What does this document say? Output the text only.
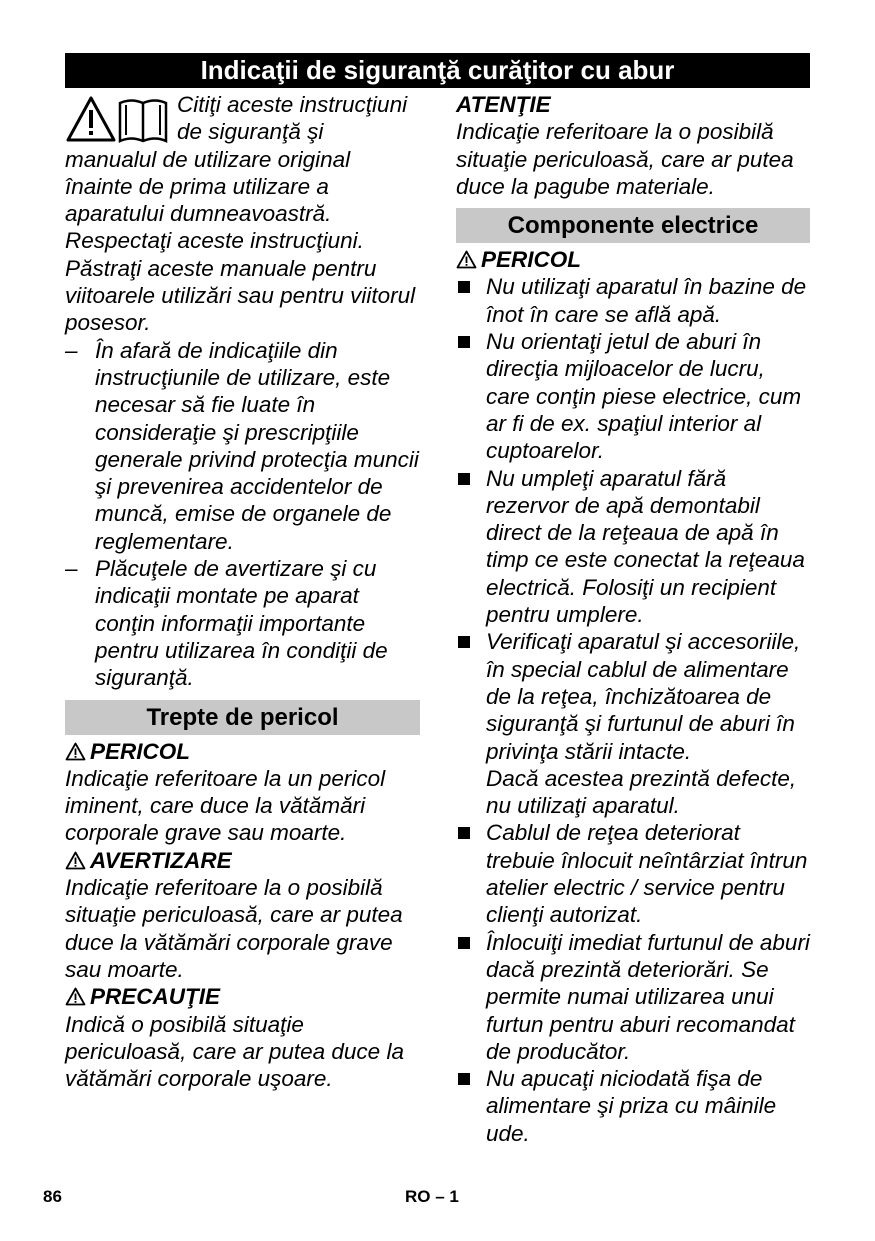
Indicaţii de siguranţă curăţitor cu abur

Citiţi aceste instrucţiuni de siguranţă şi manualul de utilizare original înainte de prima utilizare a aparatului dumneavoastră. Respectaţi aceste instrucţiuni. Păstraţi aceste manuale pentru viitoarele utilizări sau pentru viitorul posesor.

– În afară de indicaţiile din instrucţiunile de utilizare, este necesar să fie luate în consideraţie şi prescripţiile generale privind protecţia muncii şi prevenirea accidentelor de muncă, emise de organele de reglementare.

– Plăcuţele de avertizare şi cu indicaţii montate pe aparat conţin informaţii importante pentru utilizarea în condiţii de siguranţă.

Trepte de pericol
PERICOL

Indicaţie referitoare la un pericol iminent, care duce la vătămări corporale grave sau moarte.

AVERTIZARE

Indicaţie referitoare la o posibilă situaţie periculoasă, care ar putea duce la vătămări corporale grave sau moarte.

PRECAUŢIE

Indică o posibilă situaţie periculoasă, care ar putea duce la vătămări corporale uşoare.

ATENŢIE

Indicaţie referitoare la o posibilă situaţie periculoasă, care ar putea duce la pagube materiale.

Componente electrice
PERICOL

Nu utilizaţi aparatul în bazine de înot în care se află apă.

Nu orientaţi jetul de aburi în direcţia mijloacelor de lucru, care conţin piese electrice, cum ar fi de ex. spaţiul interior al cuptoarelor.

Nu umpleţi aparatul fără rezervor de apă demontabil direct de la reţeaua de apă în timp ce este conectat la reţeaua electrică. Folosiţi un recipient pentru umplere.

Verificaţi aparatul şi accesoriile, în special cablul de alimentare de la reţea, închizătoarea de siguranţă şi furtunul de aburi în privinţa stării intacte.

Dacă acestea prezintă defecte, nu utilizaţi aparatul.

Cablul de reţea deteriorat trebuie înlocuit neîntârziat întrun atelier electric / service pentru clienţi autorizat.

Înlocuiţi imediat furtunul de aburi dacă prezintă deteriorări. Se permite numai utilizarea unui furtun pentru aburi recomandat de producător.

Nu apucaţi niciodată fişa de alimentare şi priza cu mâinile ude.

86	RO – 1
